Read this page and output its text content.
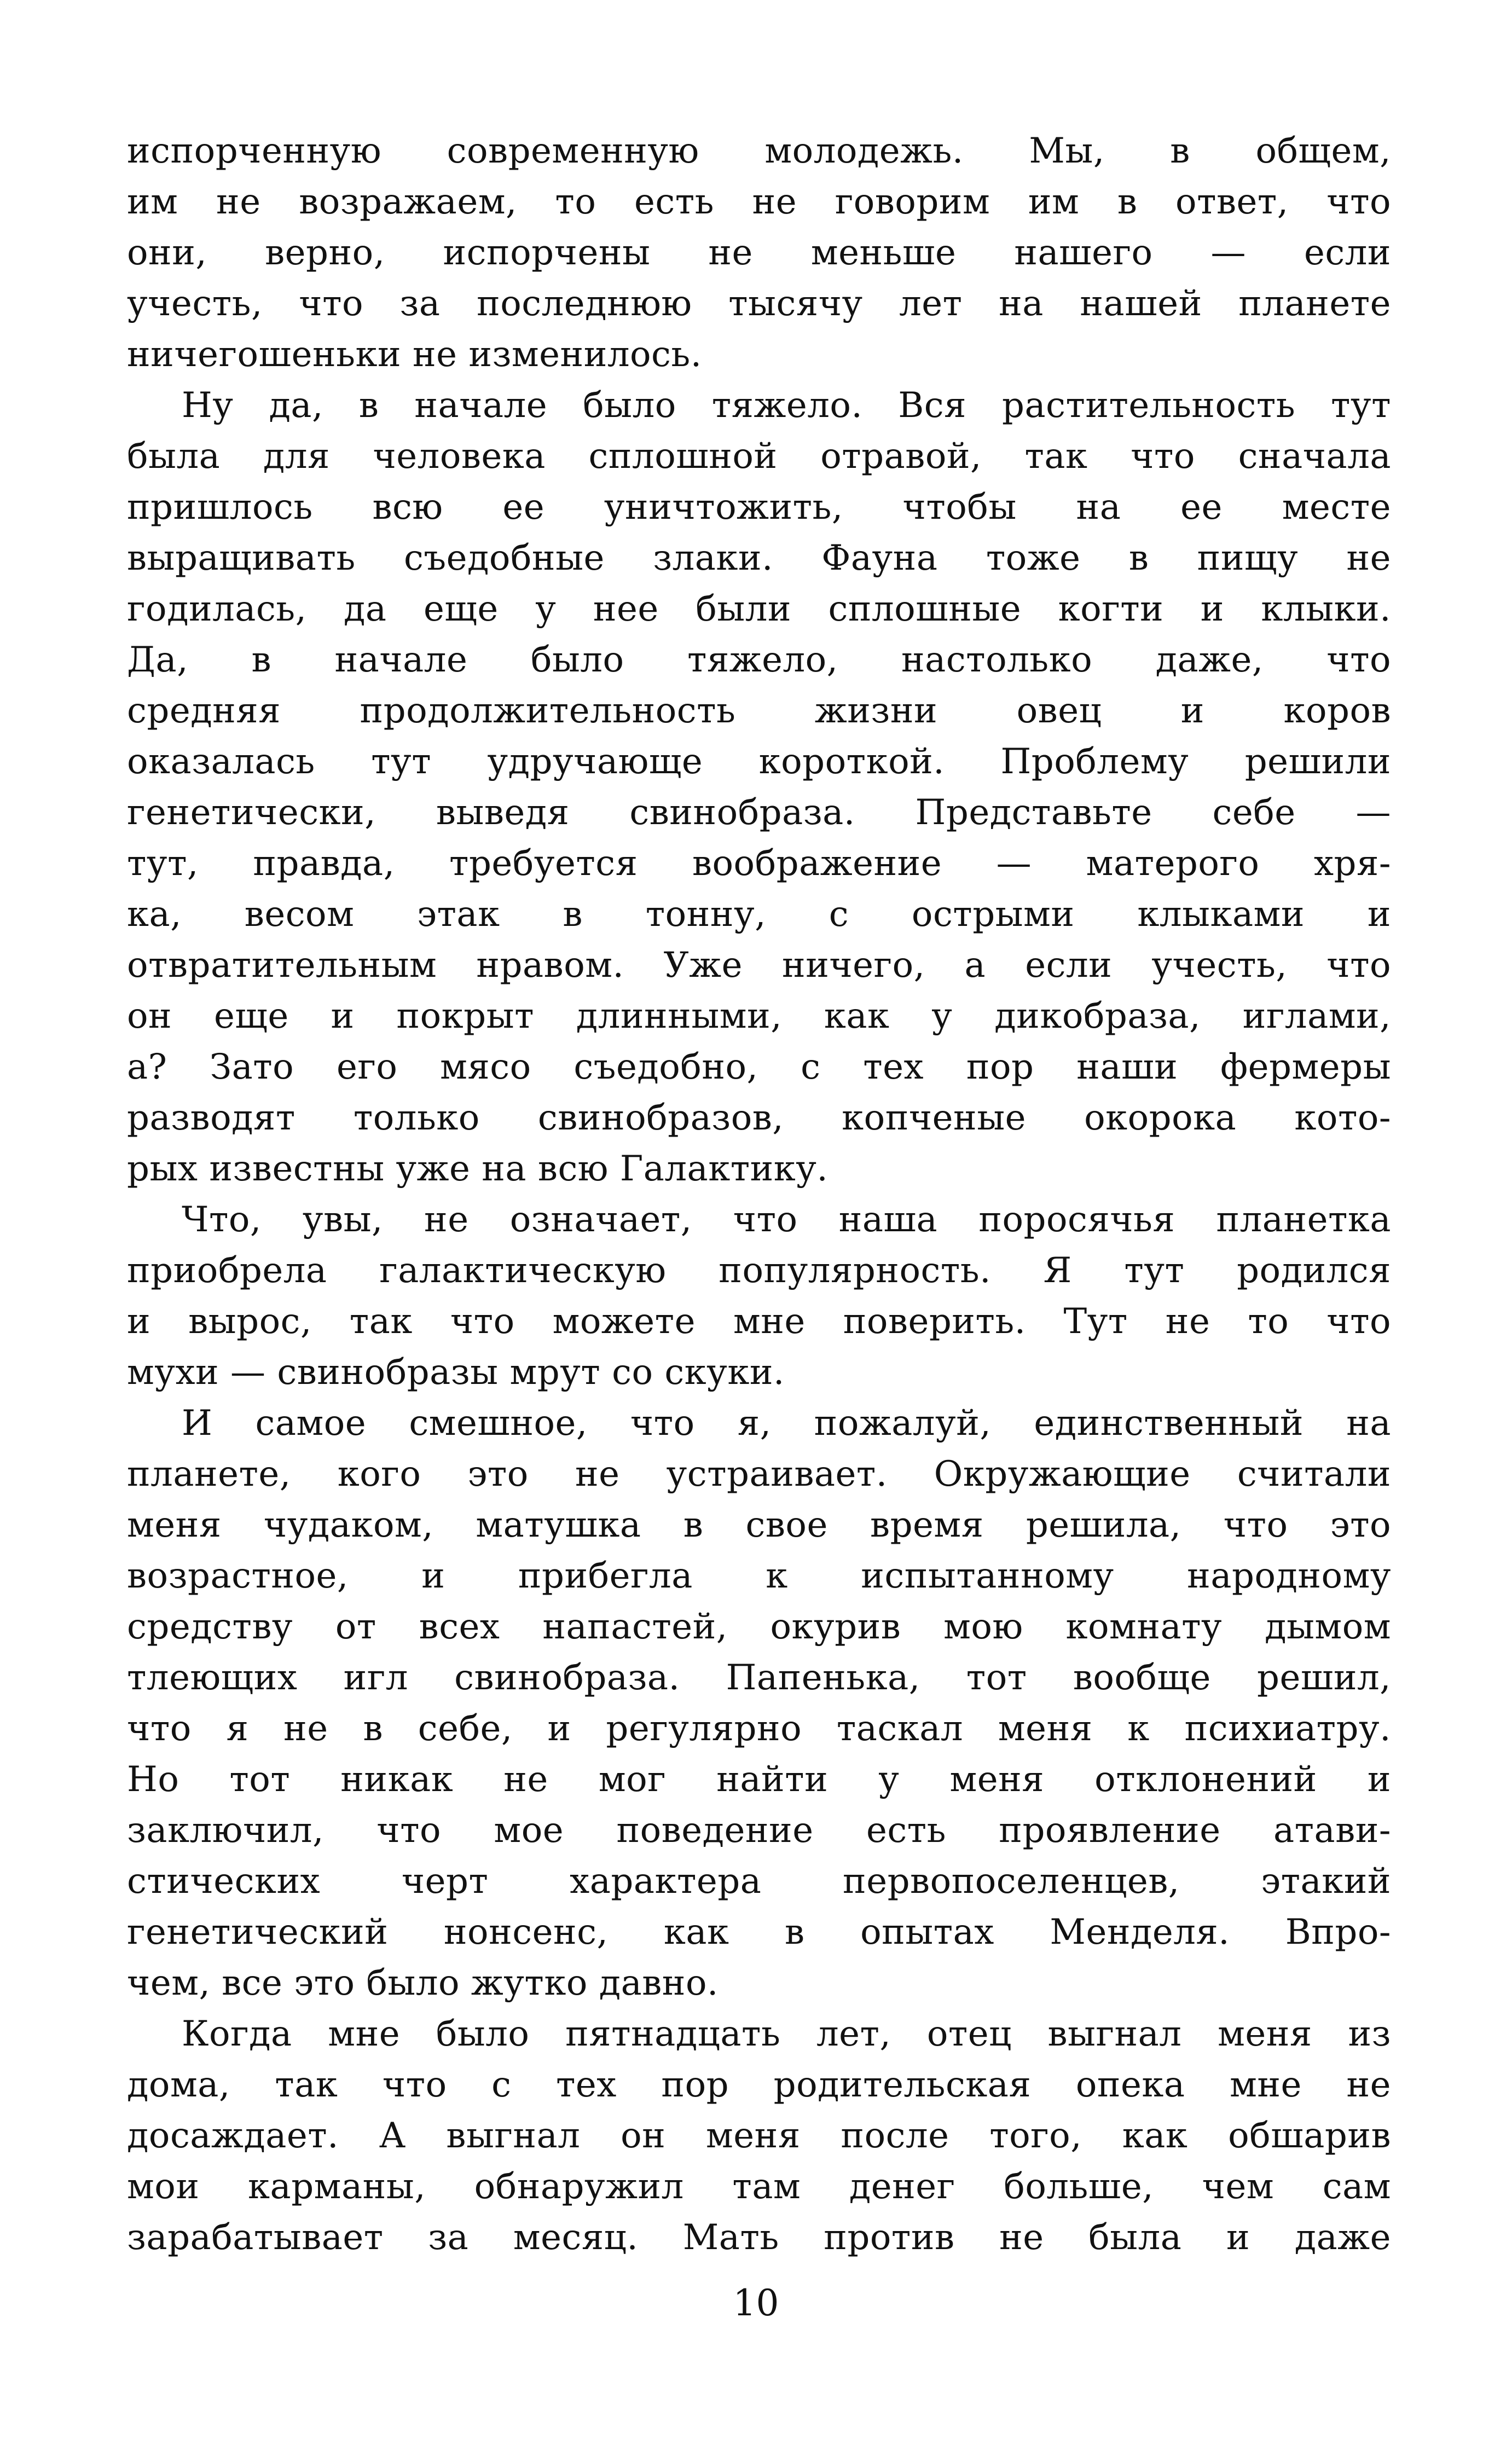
испорченную современную молодежь. Мы, в общем,
им не возражаем, то есть не говорим им в ответ, что
они, верно, испорчены не меньше нашего — если
учесть, что за последнюю тысячу лет на нашей планете
ничегошеньки не изменилось.
Ну да, в начале было тяжело. Вся растительность тут
была для человека сплошной отравой, так что сначала
пришлось всю ее уничтожить, чтобы на ее месте
выращивать съедобные злаки. Фауна тоже в пищу не
годилась, да еще у нее были сплошные когти и клыки.
Да, в начале было тяжело, настолько даже, что
средняя продолжительность жизни овец и коров
оказалась тут удручающе короткой. Проблему решили
генетически, выведя свинобраза. Представьте себе —
тут, правда, требуется воображение — матерого хря-
ка, весом этак в тонну, с острыми клыками и
отвратительным нравом. Уже ничего, а если учесть, что
он еще и покрыт длинными, как у дикобраза, иглами,
а? Зато его мясо съедобно, с тех пор наши фермеры
разводят только свинобразов, копченые окорока кото-
рых известны уже на всю Галактику.
Что, увы, не означает, что наша поросячья планетка
приобрела галактическую популярность. Я тут родился
и вырос, так что можете мне поверить. Тут не то что
мухи — свинобразы мрут со скуки.
И самое смешное, что я, пожалуй, единственный на
планете, кого это не устраивает. Окружающие считали
меня чудаком, матушка в свое время решила, что это
возрастное, и прибегла к испытанному народному
средству от всех напастей, окурив мою комнату дымом
тлеющих игл свинобраза. Папенька, тот вообще решил,
что я не в себе, и регулярно таскал меня к психиатру.
Но тот никак не мог найти у меня отклонений и
заключил, что мое поведение есть проявление атави-
стических черт характера первопоселенцев, этакий
генетический нонсенс, как в опытах Менделя. Впро-
чем, все это было жутко давно.
Когда мне было пятнадцать лет, отец выгнал меня из
дома, так что с тех пор родительская опека мне не
досаждает. А выгнал он меня после того, как обшарив
мои карманы, обнаружил там денег больше, чем сам
зарабатывает за месяц. Мать против не была и даже
10
